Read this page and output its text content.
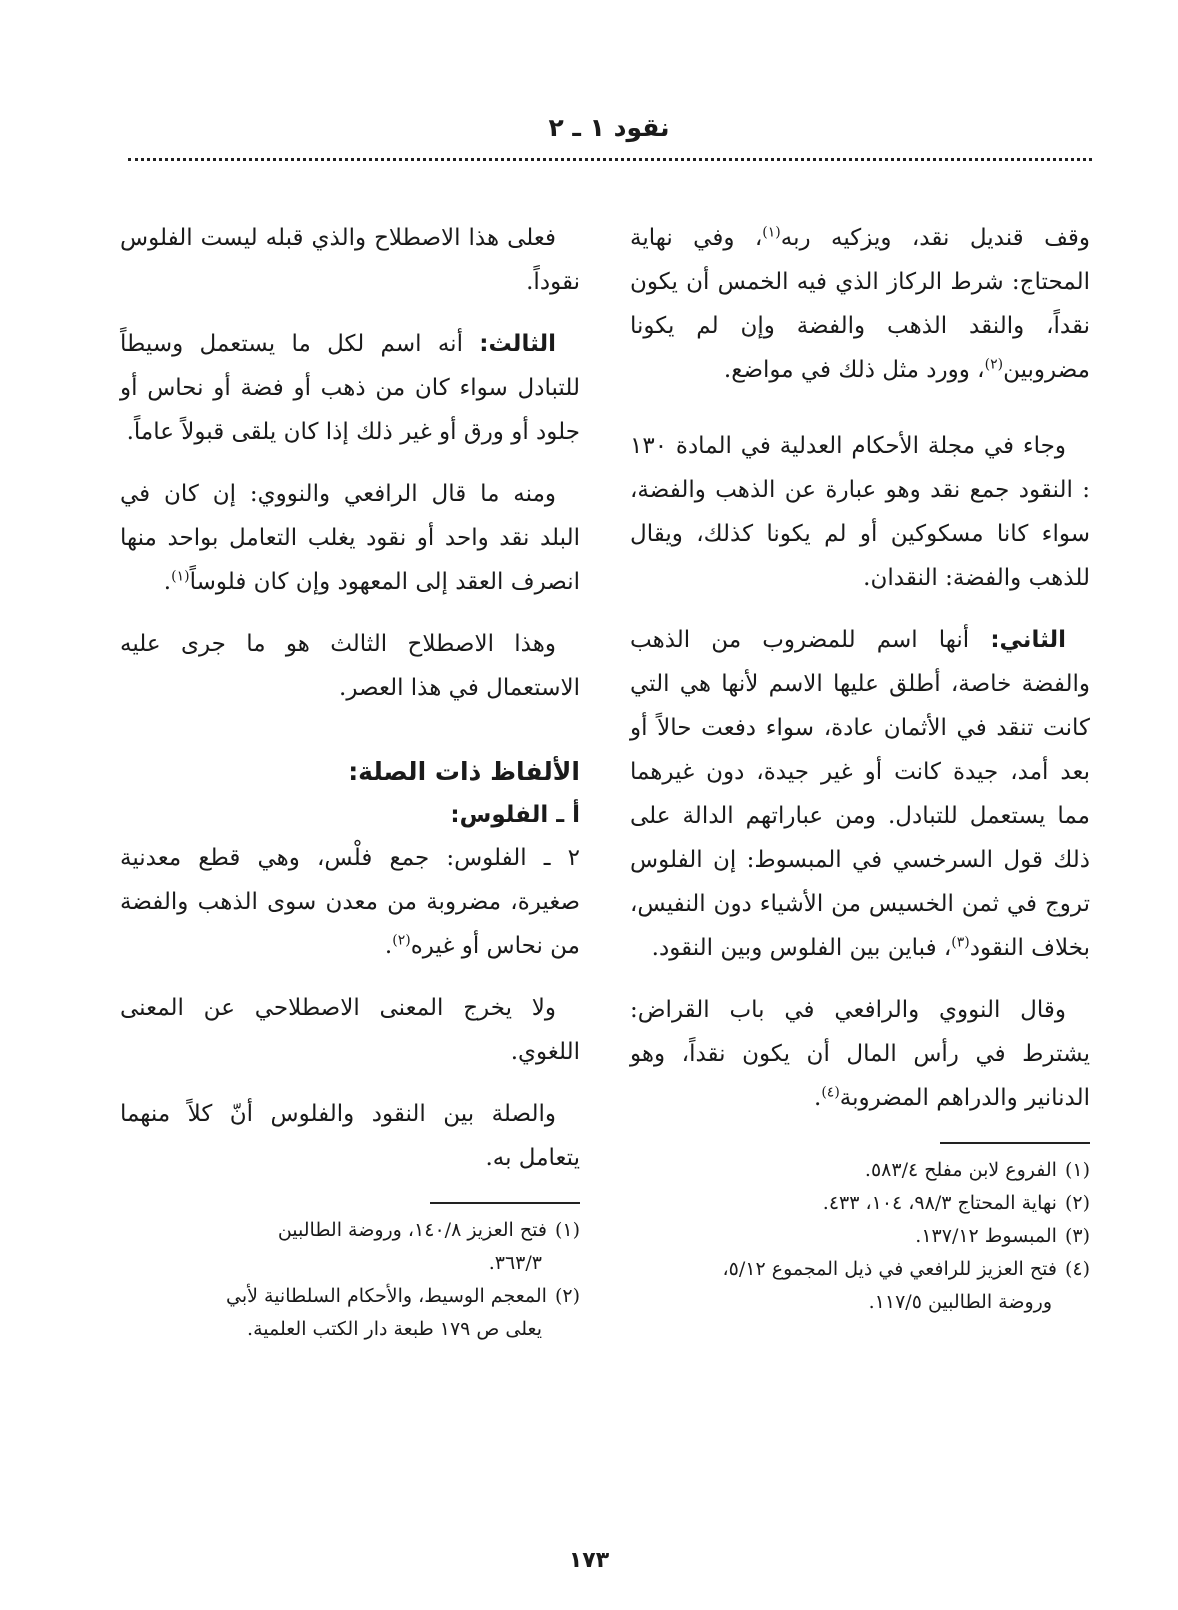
نقود ١ ـ ٢

وقف قنديل نقد، ويزكيه ربه$^{(١)}$، وفي نهاية المحتاج: شرط الركاز الذي فيه الخمس أن يكون نقداً، والنقد الذهب والفضة وإن لم يكونا مضروبين$^{(٢)}$، وورد مثل ذلك في مواضع.

وجاء في مجلة الأحكام العدلية في المادة ١٣٠ : النقود جمع نقد وهو عبارة عن الذهب والفضة، سواء كانا مسكوكين أو لم يكونا كذلك، ويقال للذهب والفضة: النقدان.

الثاني: أنها اسم للمضروب من الذهب والفضة خاصة، أطلق عليها الاسم لأنها هي التي كانت تنقد في الأثمان عادة، سواء دفعت حالاً أو بعد أمد، جيدة كانت أو غير جيدة، دون غيرهما مما يستعمل للتبادل. ومن عباراتهم الدالة على ذلك قول السرخسي في المبسوط: إن الفلوس تروج في ثمن الخسيس من الأشياء دون النفيس، بخلاف النقود$^{(٣)}$، فباين بين الفلوس وبين النقود.

وقال النووي والرافعي في باب القراض: يشترط في رأس المال أن يكون نقداً، وهو الدنانير والدراهم المضروبة$^{(٤)}$.

(١)الفروع لابن مفلح ٥٨٣/٤.

(٢)نهاية المحتاج ٩٨/٣، ١٠٤، ٤٣٣.

(٣)المبسوط ١٣٧/١٢.

(٤)فتح العزيز للرافعي في ذيل المجموع ٥/١٢،

وروضة الطالبين ١١٧/٥.

فعلى هذا الاصطلاح والذي قبله ليست الفلوس نقوداً.

الثالث: أنه اسم لكل ما يستعمل وسيطاً للتبادل سواء كان من ذهب أو فضة أو نحاس أو جلود أو ورق أو غير ذلك إذا كان يلقى قبولاً عاماً.

ومنه ما قال الرافعي والنووي: إن كان في البلد نقد واحد أو نقود يغلب التعامل بواحد منها انصرف العقد إلى المعهود وإن كان فلوساً$^{(١)}$.

وهذا الاصطلاح الثالث هو ما جرى عليه الاستعمال في هذا العصر.

الألفاظ ذات الصلة:
أ ـ الفلوس:

٢ ـ الفلوس: جمع فلْس، وهي قطع معدنية صغيرة، مضروبة من معدن سوى الذهب والفضة من نحاس أو غيره$^{(٢)}$.

ولا يخرج المعنى الاصطلاحي عن المعنى اللغوي.

والصلة بين النقود والفلوس أنّ كلاً منهما يتعامل به.

(١)فتح العزيز ١٤٠/٨، وروضة الطالبين

٣٦٣/٣.

(٢)المعجم الوسيط، والأحكام السلطانية لأبي

يعلى ص ١٧٩ طبعة دار الكتب العلمية.

١٧٣
